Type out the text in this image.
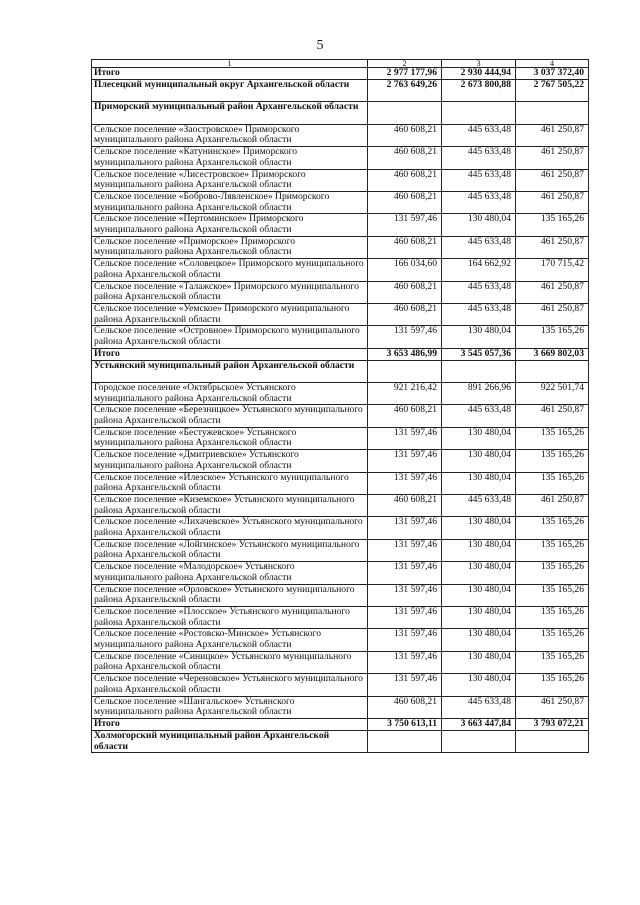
5
1	2	3	4
Итого	2 977 177,96	2 930 444,94	3 037 372,40
Плесецкий муниципальный округ Архангельской области	2 763 649,26	2 673 800,88	2 767 505,22
Приморский муниципальный район Архангельской области			
Сельское поселение «Заостровское» Приморского муниципального района Архангельской области	460 608,21	445 633,48	461 250,87
Сельское поселение «Катунинское» Приморского муниципального района Архангельской области	460 608,21	445 633,48	461 250,87
Сельское поселение «Лисестровское» Приморского муниципального района Архангельской области	460 608,21	445 633,48	461 250,87
Сельское поселение «Боброво-Лявленское» Приморского муниципального района Архангельской области	460 608,21	445 633,48	461 250,87
Сельское поселение «Пертоминское» Приморского муниципального района Архангельской области	131 597,46	130 480,04	135 165,26
Сельское поселение «Приморское» Приморского муниципального района Архангельской области	460 608,21	445 633,48	461 250,87
Сельское поселение «Соловецкое» Приморского муниципального района Архангельской области	166 034,60	164 662,92	170 715,42
Сельское поселение «Талажское» Приморского муниципального района Архангельской области	460 608,21	445 633,48	461 250,87
Сельское поселение «Уемское» Приморского муниципального района Архангельской области	460 608,21	445 633,48	461 250,87
Сельское поселение «Островное» Приморского муниципального района Архангельской области	131 597,46	130 480,04	135 165,26
Итого	3 653 486,99	3 545 057,36	3 669 802,03
Устьянский муниципальный район Архангельской области			
Городское поселение «Октябрьское» Устьянского муниципального района Архангельской области	921 216,42	891 266,96	922 501,74
Сельское поселение «Березницкое» Устьянского муниципального района Архангельской области	460 608,21	445 633,48	461 250,87
Сельское поселение «Бестужевское» Устьянского муниципального района Архангельской области	131 597,46	130 480,04	135 165,26
Сельское поселение «Дмитриевское» Устьянского муниципального района Архангельской области	131 597,46	130 480,04	135 165,26
Сельское поселение «Илезское» Устьянского муниципального района Архангельской области	131 597,46	130 480,04	135 165,26
Сельское поселение «Киземское» Устьянского муниципального района Архангельской области	460 608,21	445 633,48	461 250,87
Сельское поселение «Лихачевское» Устьянского муниципального района Архангельской области	131 597,46	130 480,04	135 165,26
Сельское поселение «Лойгинское» Устьянского муниципального района Архангельской области	131 597,46	130 480,04	135 165,26
Сельское поселение «Малодорское» Устьянского муниципального района Архангельской области	131 597,46	130 480,04	135 165,26
Сельское поселение «Орловское» Устьянского муниципального района Архангельской области	131 597,46	130 480,04	135 165,26
Сельское поселение «Плосское» Устьянского муниципального района Архангельской области	131 597,46	130 480,04	135 165,26
Сельское поселение «Ростовско-Минское» Устьянского муниципального района Архангельской области	131 597,46	130 480,04	135 165,26
Сельское поселение «Синицкое» Устьянского муниципального района Архангельской области	131 597,46	130 480,04	135 165,26
Сельское поселение «Череновское» Устьянского муниципального района Архангельской области	131 597,46	130 480,04	135 165,26
Сельское поселение «Шангальское» Устьянского муниципального района Архангельской области	460 608,21	445 633,48	461 250,87
Итого	3 750 613,11	3 663 447,84	3 793 072,21
Холмогорский муниципальный район Архангельской области			
